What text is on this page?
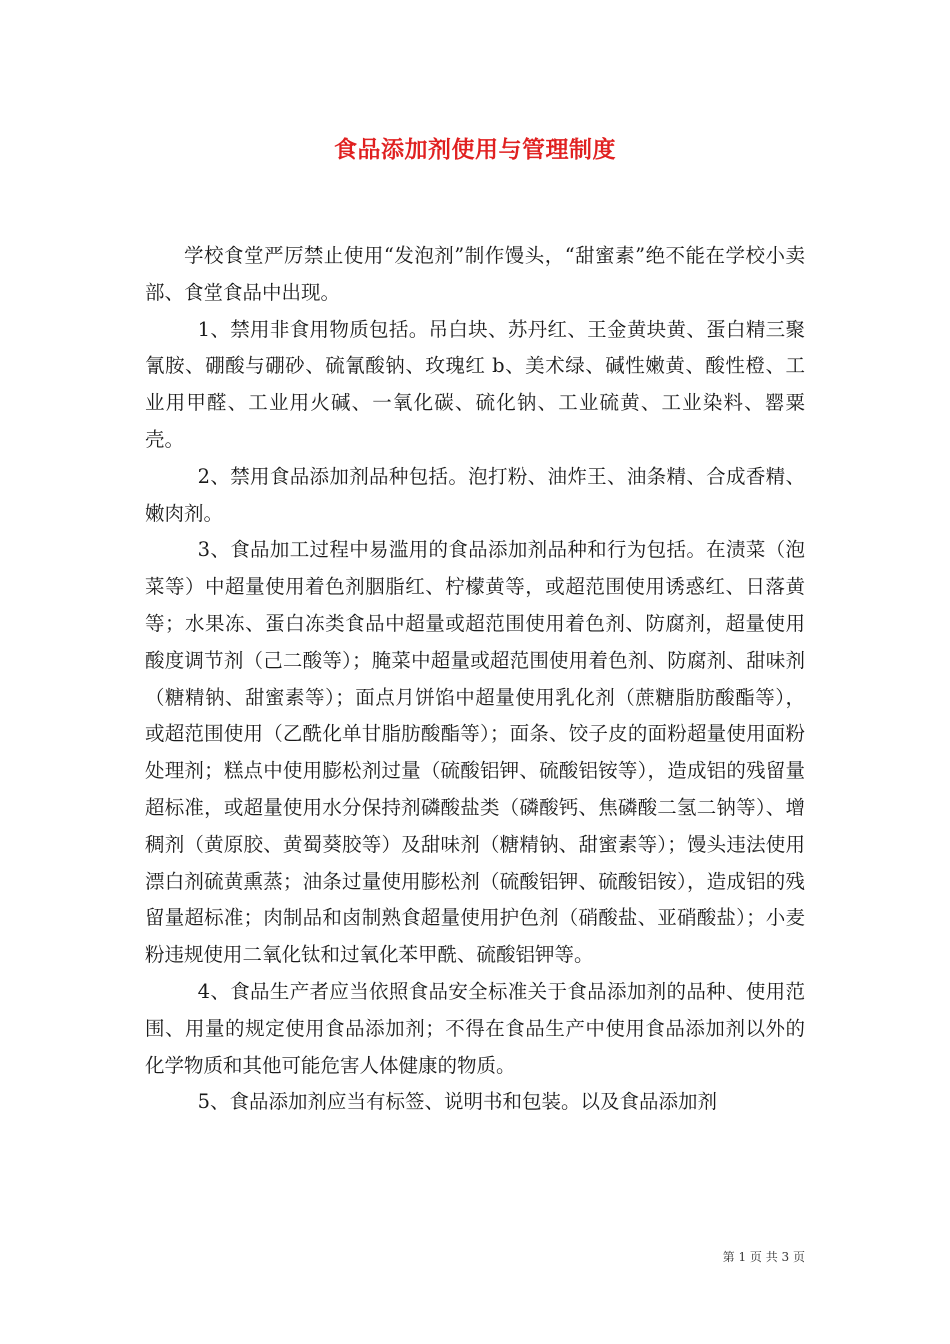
食品添加剂使用与管理制度

学校食堂严厉禁止使用“发泡剂”制作馒头，“甜蜜素”绝不能在学校小卖部、食堂食品中出现。

1、禁用非食用物质包括。吊白块、苏丹红、王金黄块黄、蛋白精三聚氰胺、硼酸与硼砂、硫氰酸钠、玫瑰红 b、美术绿、碱性嫩黄、酸性橙、工业用甲醛、工业用火碱、一氧化碳、硫化钠、工业硫黄、工业染料、罂粟壳。

2、禁用食品添加剂品种包括。泡打粉、油炸王、油条精、合成香精、嫩肉剂。

3、食品加工过程中易滥用的食品添加剂品种和行为包括。在渍菜（泡菜等）中超量使用着色剂胭脂红、柠檬黄等，或超范围使用诱惑红、日落黄等；水果冻、蛋白冻类食品中超量或超范围使用着色剂、防腐剂，超量使用酸度调节剂（己二酸等）；腌菜中超量或超范围使用着色剂、防腐剂、甜味剂（糖精钠、甜蜜素等）；面点月饼馅中超量使用乳化剂（蔗糖脂肪酸酯等），或超范围使用（乙酰化单甘脂肪酸酯等）；面条、饺子皮的面粉超量使用面粉处理剂；糕点中使用膨松剂过量（硫酸铝钾、硫酸铝铵等），造成铝的残留量超标准，或超量使用水分保持剂磷酸盐类（磷酸钙、焦磷酸二氢二钠等）、增稠剂（黄原胶、黄蜀葵胶等）及甜味剂（糖精钠、甜蜜素等）；馒头违法使用漂白剂硫黄熏蒸；油条过量使用膨松剂（硫酸铝钾、硫酸铝铵），造成铝的残留量超标准；肉制品和卤制熟食超量使用护色剂（硝酸盐、亚硝酸盐）；小麦粉违规使用二氧化钛和过氧化苯甲酰、硫酸铝钾等。

4、食品生产者应当依照食品安全标准关于食品添加剂的品种、使用范围、用量的规定使用食品添加剂；不得在食品生产中使用食品添加剂以外的化学物质和其他可能危害人体健康的物质。

5、食品添加剂应当有标签、说明书和包装。以及食品添加剂

第 1 页 共 3 页
